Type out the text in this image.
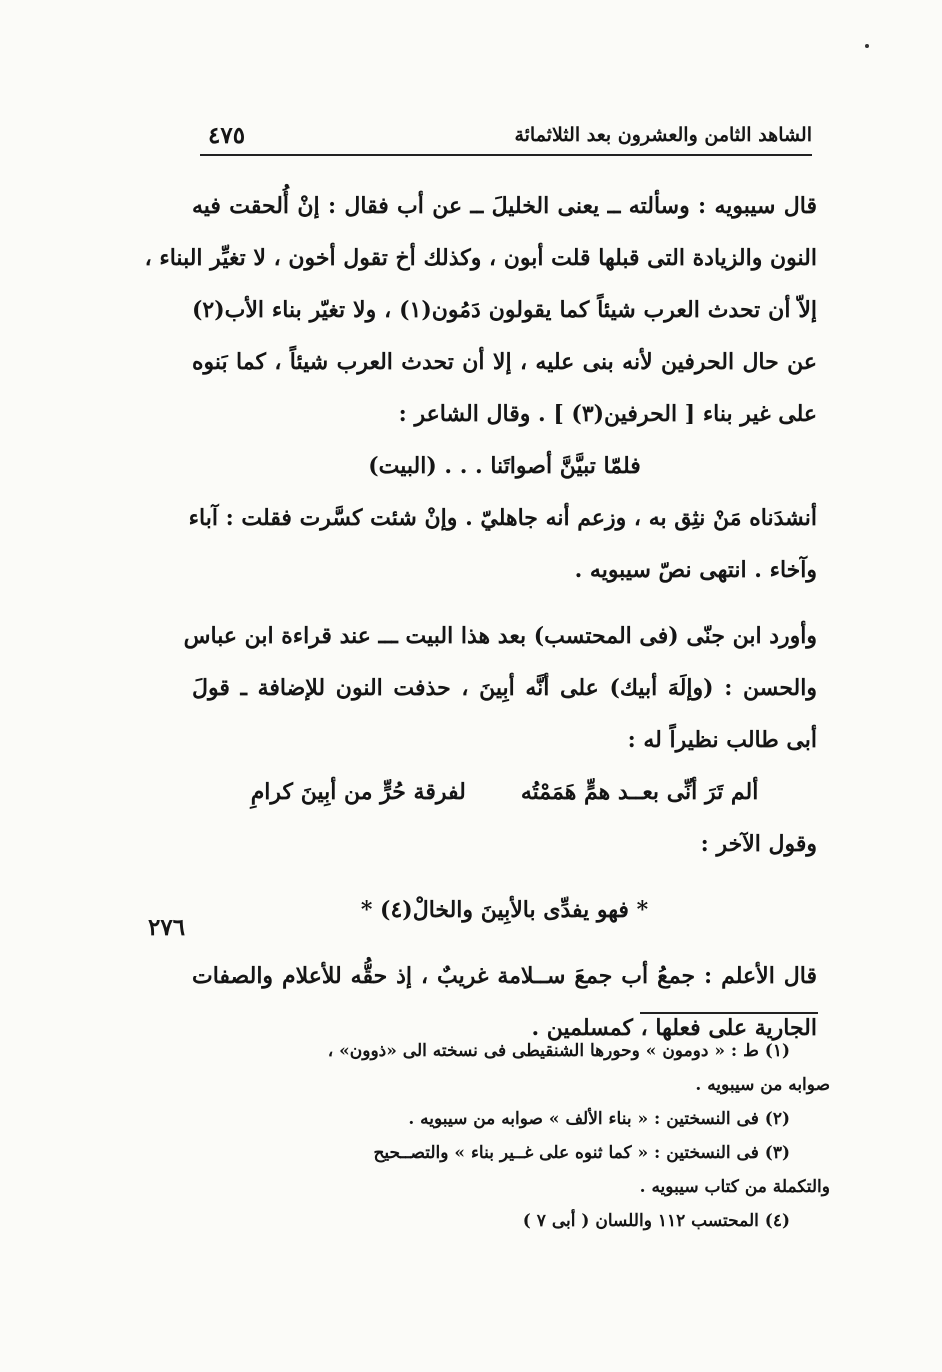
الشاهد الثامن والعشرون بعد الثلاثمائة
٤٧٥
قال سيبويه : وسألته ــ يعنى الخليلَ ــ عن أب فقال : إنْ أُلحقت فيه
النون والزيادة التى قبلها قلت أبون ، وكذلك أخ تقول أخون ، لا تغيِّر البناء ،
إلاّ أن تحدث العرب شيئاً كما يقولون دَمُون(١) ، ولا تغيّر بناء الأب(٢)
عن حال الحرفين لأنه بنى عليه ، إلا أن تحدث العرب شيئاً ، كما بَنوه
على غير بناء [ الحرفين(٣) ] . وقال الشاعر :
فلمّا تبيَّنَّ أصواتَنا . . . (البيت)
أنشدَناه مَنْ نثِق به ، وزعم أنه جاهليّ . وإنْ شئت كسَّرت فقلت : آباء
وآخاء . انتهى نصّ سيبويه .
وأورد ابن جنّى (فى المحتسب) بعد هذا البيت ـــ عند قراءة ابن عباس
والحسن : (وإلَهَ أبيك) على أنَّه أبِينَ ، حذفت النون للإضافة ـ قولَ
أبى طالب نظيراً له :
ألم تَرَ أنِّى بعــد همٍّ هَمَمْتُه
لفرقة حُرٍّ من أبِينَ كرامِ
وقول الآخر :
* فهو يفدِّى بالأبِينَ والخالْ(٤) *
قال الأعلم : جمعُ أب جمعَ ســلامة غريبٌ ، إذ حقُّه للأعلام والصفات
الجارية على فعلها ، كمسلمين .
٢٧٦
(١) ط : « دومون » وحورها الشنقيطى فى نسخته الى «ذوون» ،
صوابه من سيبويه .
(٢) فى النسختين : « بناء الألف » صوابه من سيبويه .
(٣) فى النسختين : « كما ثنوه على غــير بناء » والتصــحيح
والتكملة من كتاب سيبويه .
(٤) المحتسب ١١٢ واللسان ( أبى ٧ )
